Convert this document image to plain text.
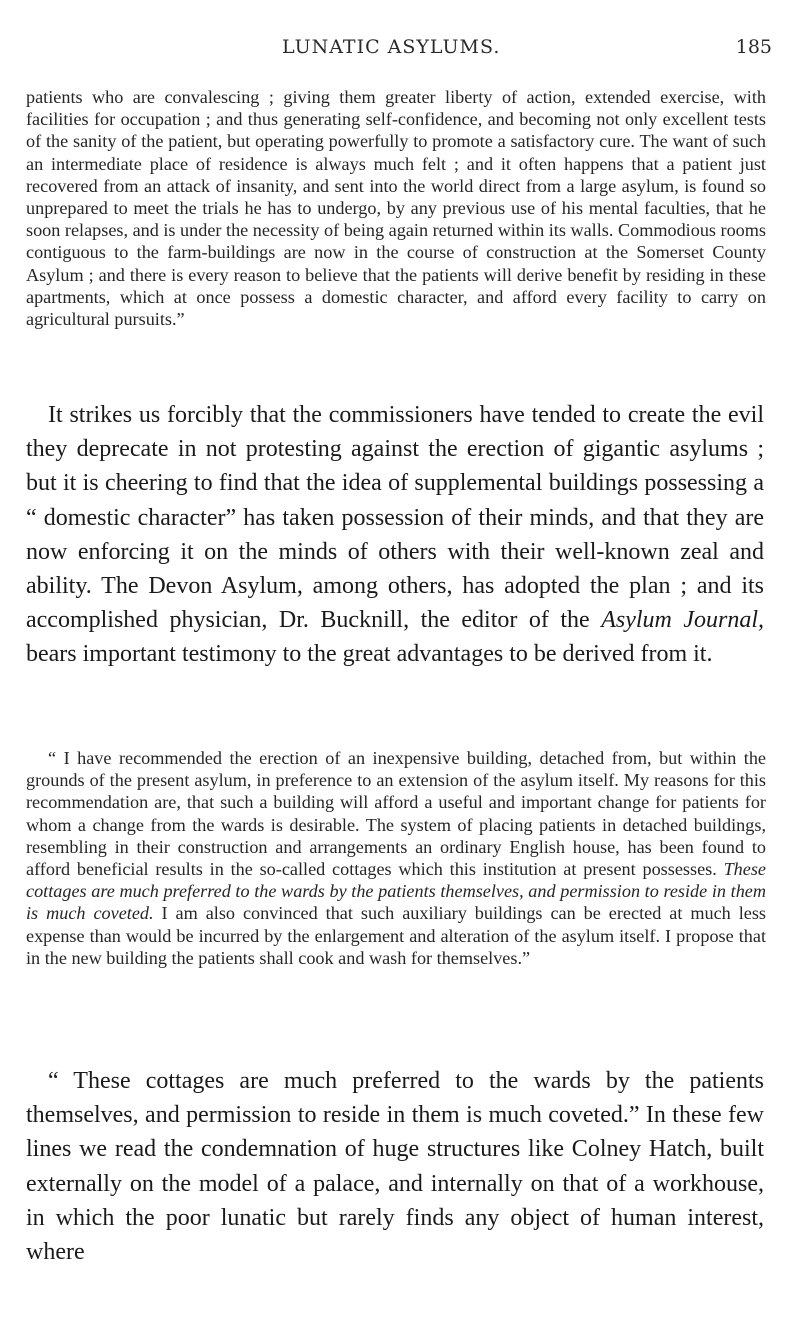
LUNATIC ASYLUMS.	185

patients who are convalescing ; giving them greater liberty of action, extended exercise, with facilities for occupation ; and thus generating self-confidence, and becoming not only excellent tests of the sanity of the patient, but operating powerfully to promote a satisfactory cure. The want of such an intermediate place of residence is always much felt ; and it often happens that a patient just recovered from an attack of insanity, and sent into the world direct from a large asylum, is found so unprepared to meet the trials he has to undergo, by any previous use of his mental faculties, that he soon relapses, and is under the necessity of being again returned within its walls. Commodious rooms contiguous to the farm-buildings are now in the course of construction at the Somerset County Asylum ; and there is every reason to believe that the patients will derive benefit by residing in these apartments, which at once possess a domestic character, and afford every facility to carry on agricultural pursuits.”

It strikes us forcibly that the commissioners have tended to create the evil they deprecate in not protesting against the erection of gigantic asylums ; but it is cheering to find that the idea of supplemental buildings possessing a “ domestic character” has taken possession of their minds, and that they are now enforcing it on the minds of others with their well-known zeal and ability. The Devon Asylum, among others, has adopted the plan ; and its accomplished physician, Dr. Bucknill, the editor of the Asylum Journal, bears important testimony to the great advantages to be derived from it.

“ I have recommended the erection of an inexpensive building, detached from, but within the grounds of the present asylum, in preference to an extension of the asylum itself. My reasons for this recommendation are, that such a building will afford a useful and important change for patients for whom a change from the wards is desirable. The system of placing patients in detached buildings, resembling in their construction and arrangements an ordinary English house, has been found to afford beneficial results in the so-called cottages which this institution at present possesses. These cottages are much preferred to the wards by the patients themselves, and permission to reside in them is much coveted. I am also convinced that such auxiliary buildings can be erected at much less expense than would be incurred by the enlargement and alteration of the asylum itself. I propose that in the new building the patients shall cook and wash for themselves.”

“ These cottages are much preferred to the wards by the patients themselves, and permission to reside in them is much coveted.” In these few lines we read the condemnation of huge structures like Colney Hatch, built externally on the model of a palace, and internally on that of a workhouse, in which the poor lunatic but rarely finds any object of human interest, where
